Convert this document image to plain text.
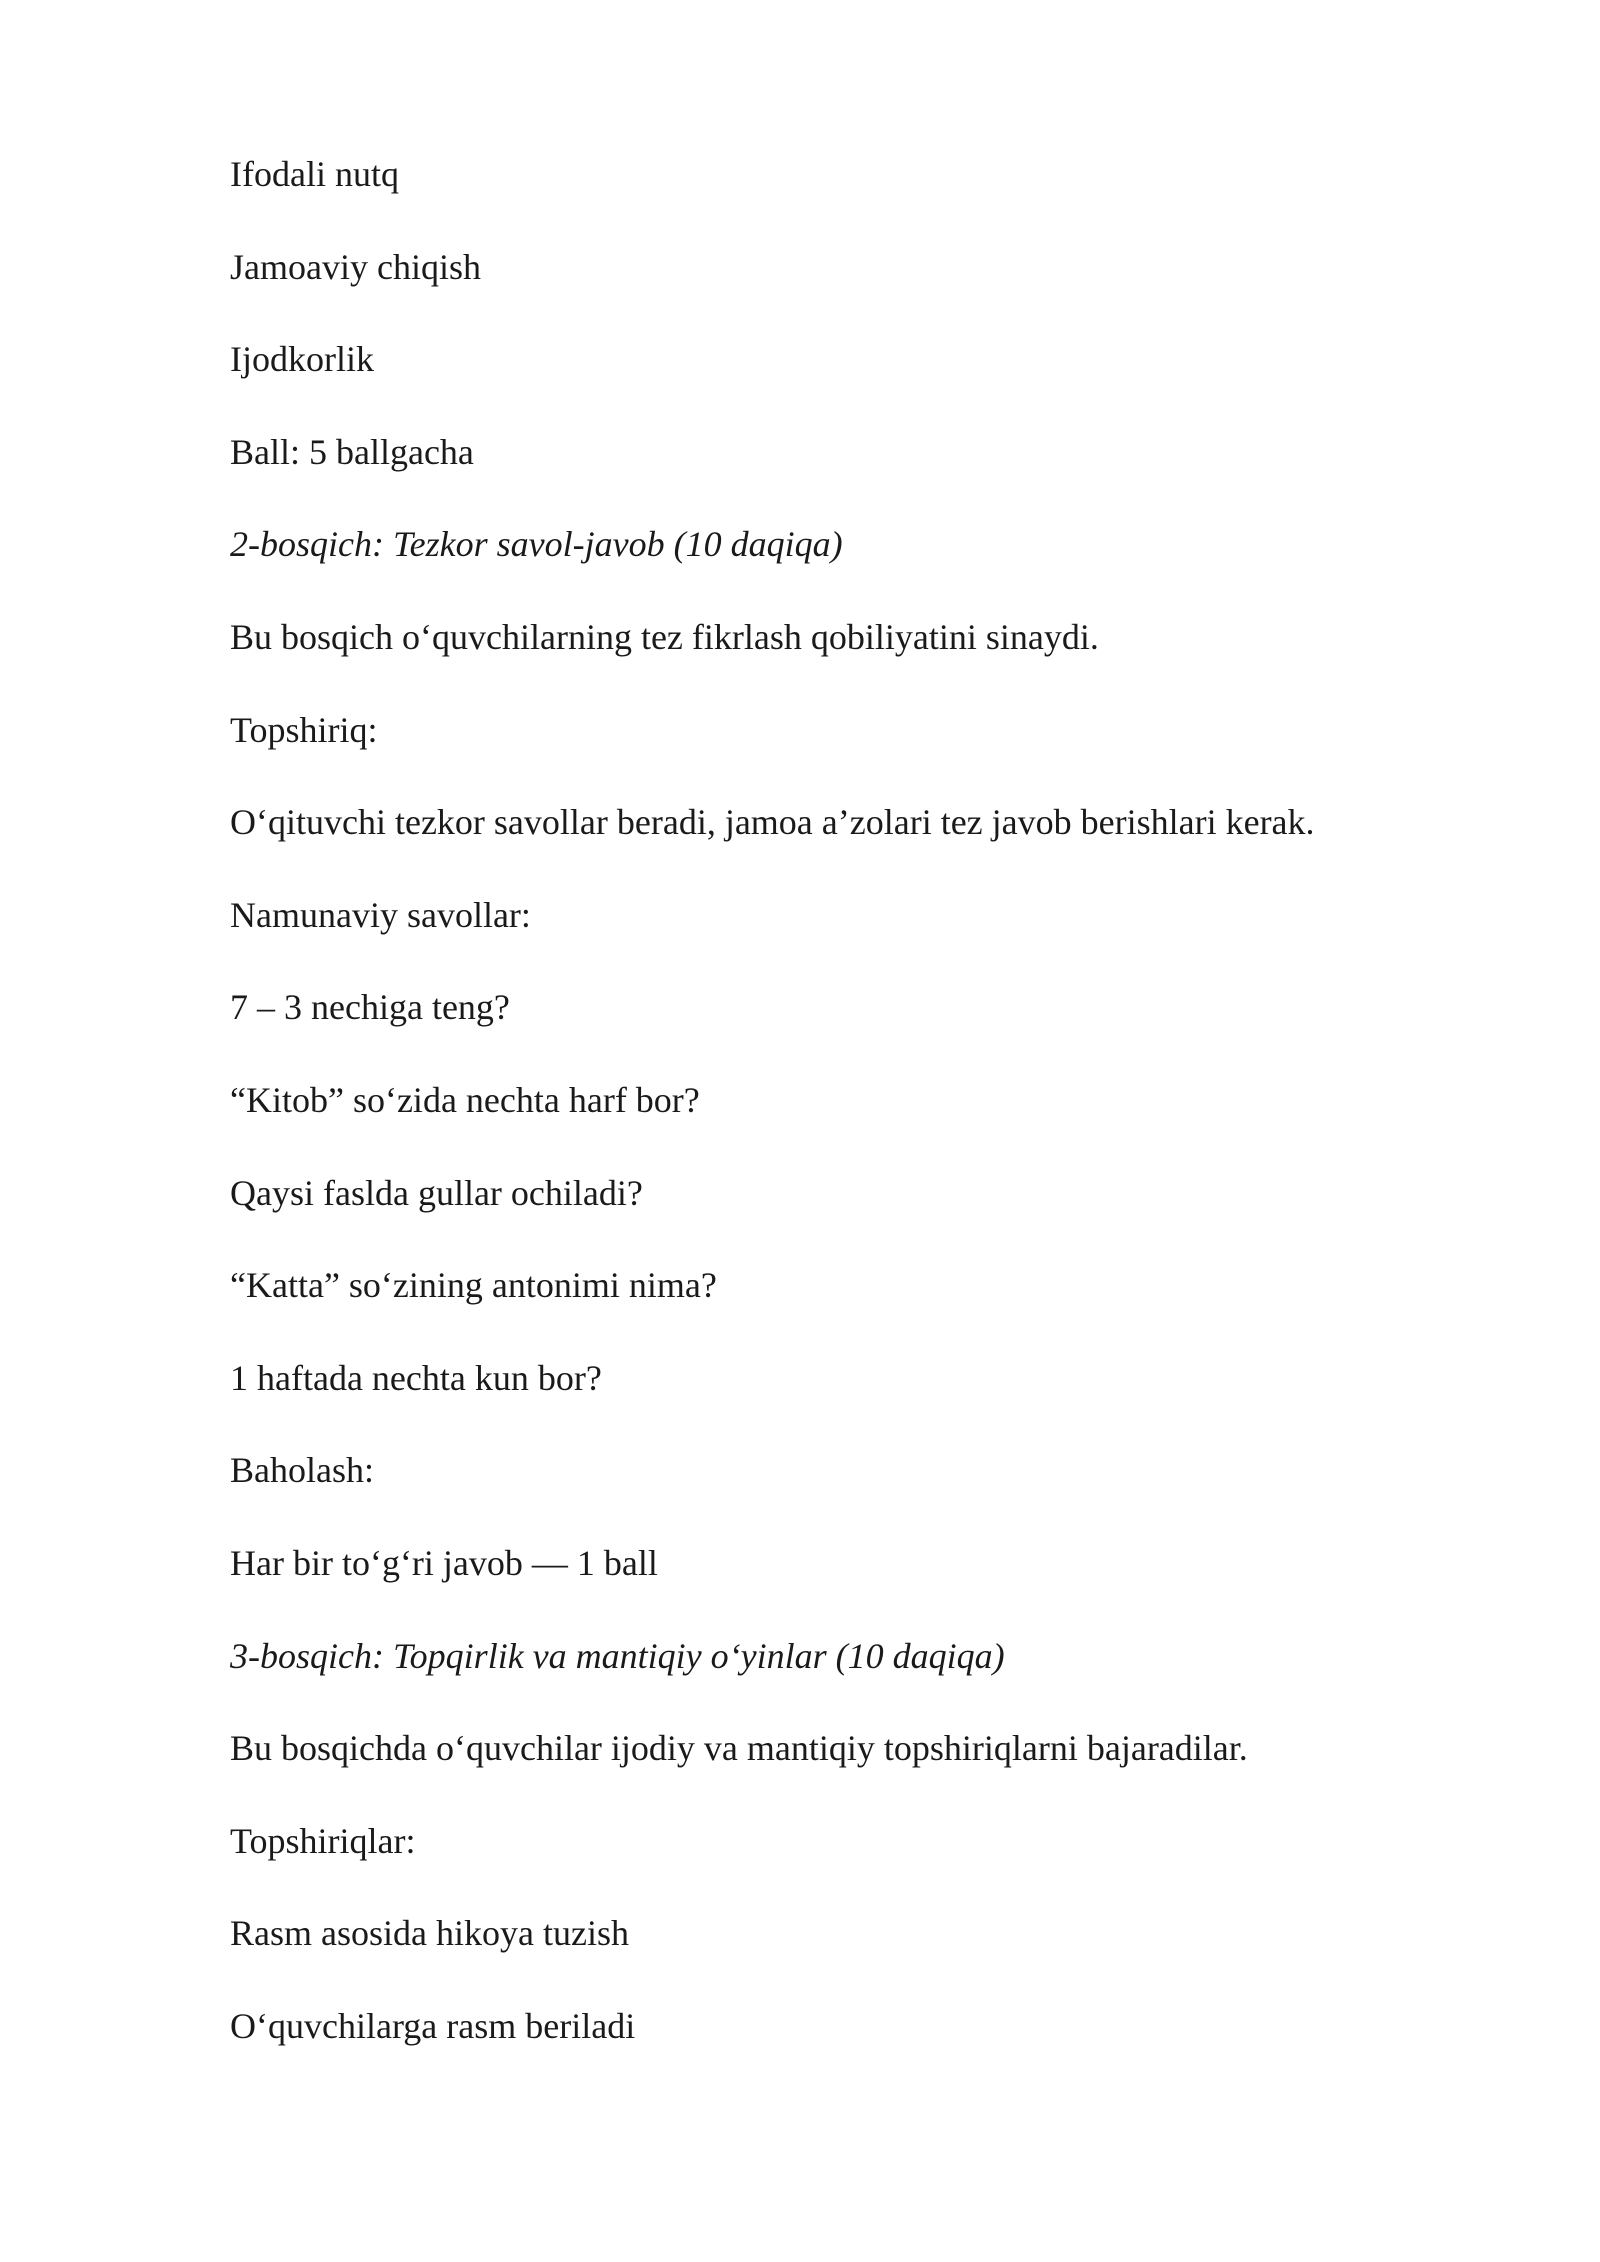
Ifodali nutq
Jamoaviy chiqish
Ijodkorlik
Ball: 5 ballgacha
2-bosqich: Tezkor savol-javob (10 daqiqa)
Bu bosqich o‘quvchilarning tez fikrlash qobiliyatini sinaydi.
Topshiriq:
O‘qituvchi tezkor savollar beradi, jamoa a’zolari tez javob berishlari kerak.
Namunaviy savollar:
7 – 3 nechiga teng?
“Kitob” so‘zida nechta harf bor?
Qaysi faslda gullar ochiladi?
“Katta” so‘zining antonimi nima?
1 haftada nechta kun bor?
Baholash:
Har bir to‘g‘ri javob — 1 ball
3-bosqich: Topqirlik va mantiqiy o‘yinlar (10 daqiqa)
Bu bosqichda o‘quvchilar ijodiy va mantiqiy topshiriqlarni bajaradilar.
Topshiriqlar:
Rasm asosida hikoya tuzish
O‘quvchilarga rasm beriladi
